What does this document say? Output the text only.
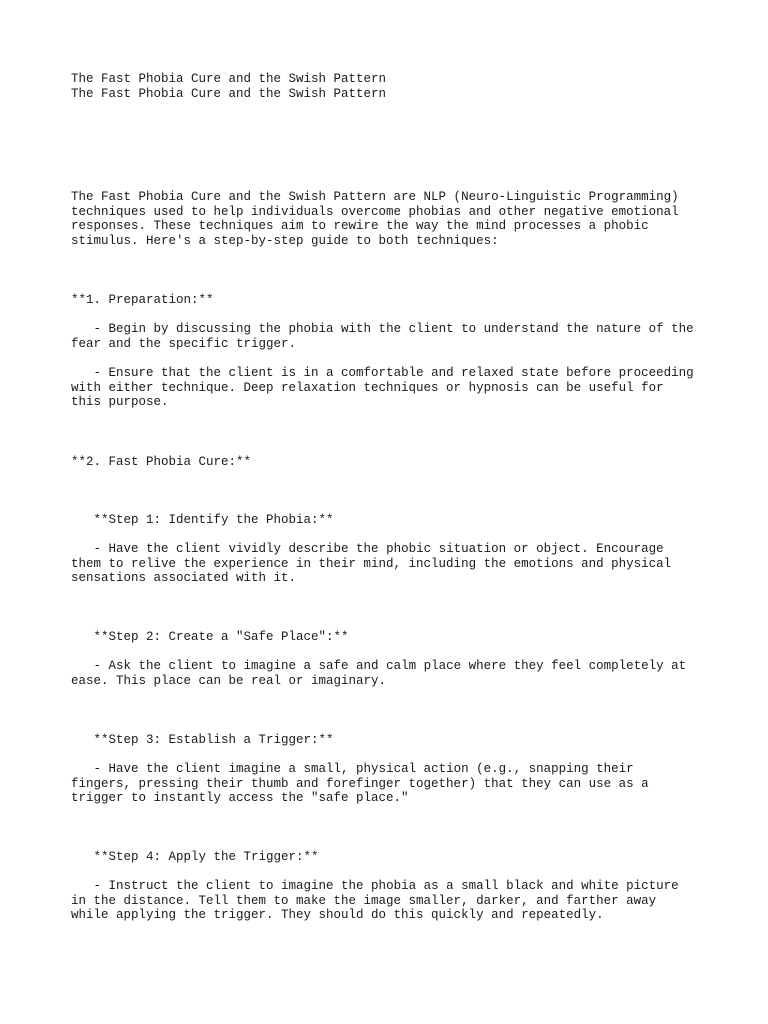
The Fast Phobia Cure and the Swish Pattern
The Fast Phobia Cure and the Swish Pattern
The Fast Phobia Cure and the Swish Pattern are NLP (Neuro-Linguistic Programming)
techniques used to help individuals overcome phobias and other negative emotional
responses. These techniques aim to rewire the way the mind processes a phobic
stimulus. Here's a step-by-step guide to both techniques:
**1. Preparation:**
- Begin by discussing the phobia with the client to understand the nature of the
fear and the specific trigger.
- Ensure that the client is in a comfortable and relaxed state before proceeding
with either technique. Deep relaxation techniques or hypnosis can be useful for
this purpose.
**2. Fast Phobia Cure:**
**Step 1: Identify the Phobia:**
- Have the client vividly describe the phobic situation or object. Encourage
them to relive the experience in their mind, including the emotions and physical
sensations associated with it.
**Step 2: Create a "Safe Place":**
- Ask the client to imagine a safe and calm place where they feel completely at
ease. This place can be real or imaginary.
**Step 3: Establish a Trigger:**
- Have the client imagine a small, physical action (e.g., snapping their
fingers, pressing their thumb and forefinger together) that they can use as a
trigger to instantly access the "safe place."
**Step 4: Apply the Trigger:**
- Instruct the client to imagine the phobia as a small black and white picture
in the distance. Tell them to make the image smaller, darker, and farther away
while applying the trigger. They should do this quickly and repeatedly.
